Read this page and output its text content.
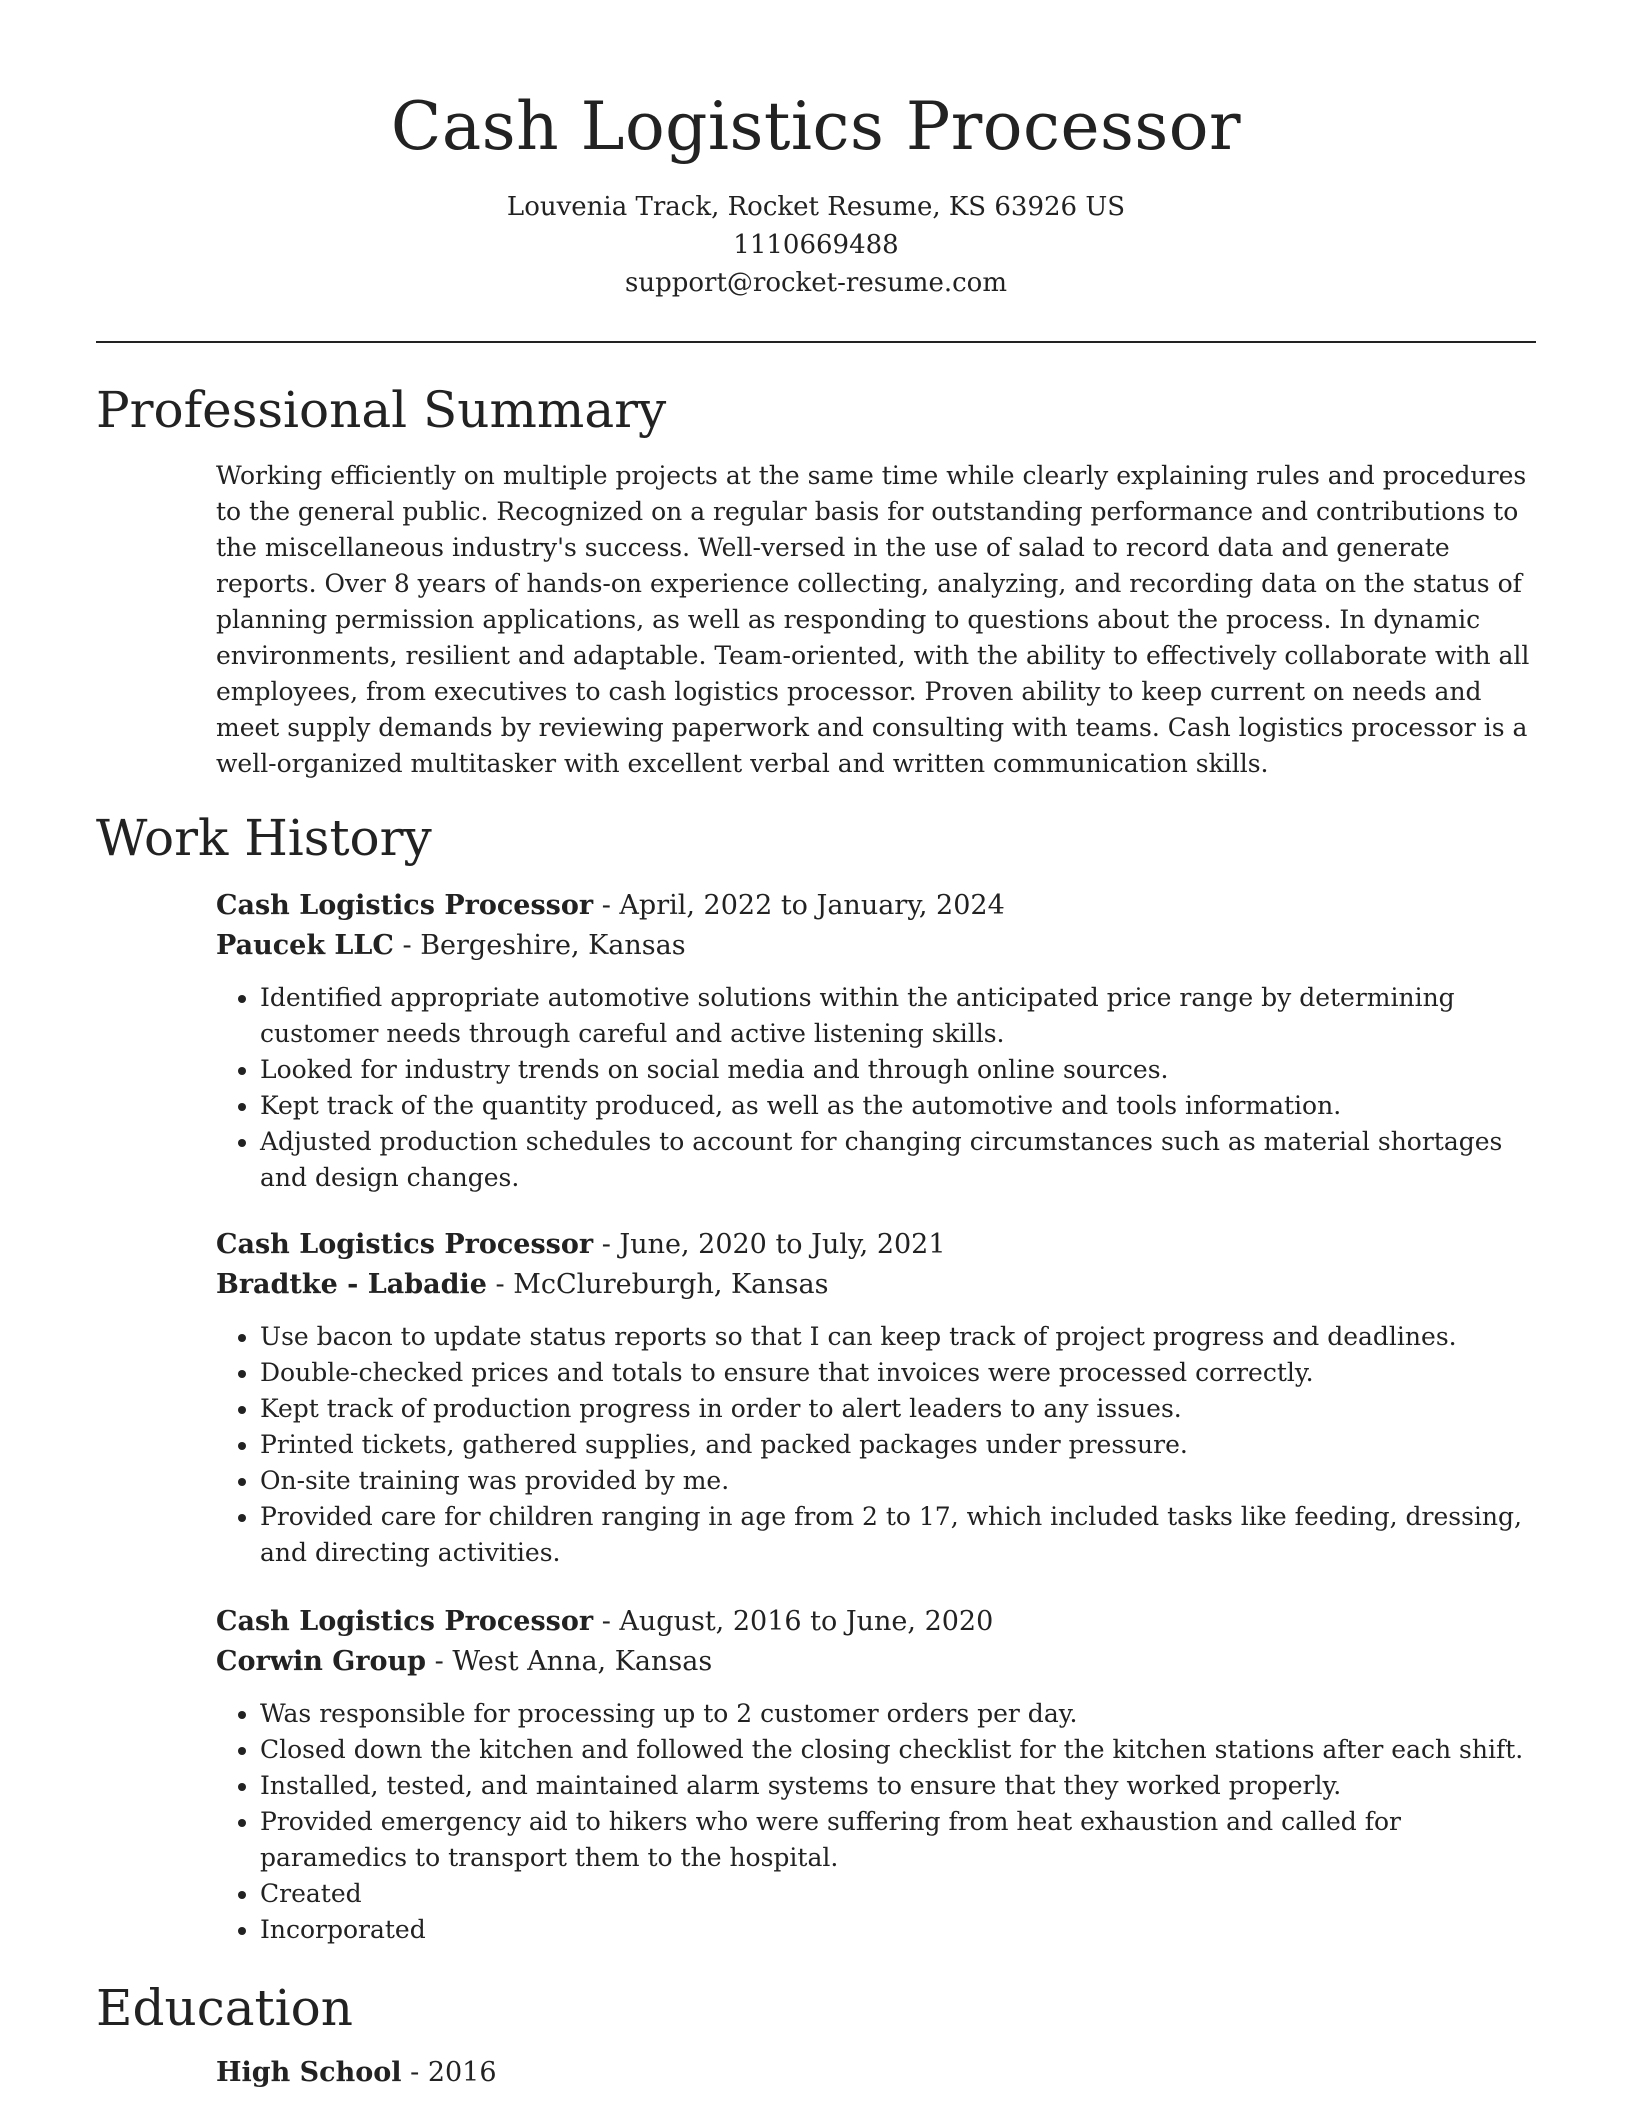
Cash Logistics Processor
Louvenia Track, Rocket Resume, KS 63926 US
1110669488
support@rocket-resume.com
Professional Summary

Working efficiently on multiple projects at the same time while clearly explaining rules and procedures to the general public. Recognized on a regular basis for outstanding performance and contributions to the miscellaneous industry's success. Well-versed in the use of salad to record data and generate reports. Over 8 years of hands-on experience collecting, analyzing, and recording data on the status of planning permission applications, as well as responding to questions about the process. In dynamic environments, resilient and adaptable. Team-oriented, with the ability to effectively collaborate with all employees, from executives to cash logistics processor. Proven ability to keep current on needs and meet supply demands by reviewing paperwork and consulting with teams. Cash logistics processor is a well-organized multitasker with excellent verbal and written communication skills.

Work History

Cash Logistics Processor - April, 2022 to January, 2024

Paucek LLC - Bergeshire, Kansas

• Identified appropriate automotive solutions within the anticipated price range by determining customer needs through careful and active listening skills.
• Looked for industry trends on social media and through online sources.
• Kept track of the quantity produced, as well as the automotive and tools information.
• Adjusted production schedules to account for changing circumstances such as material shortages and design changes.

Cash Logistics Processor - June, 2020 to July, 2021

Bradtke - Labadie - McClureburgh, Kansas

• Use bacon to update status reports so that I can keep track of project progress and deadlines.
• Double-checked prices and totals to ensure that invoices were processed correctly.
• Kept track of production progress in order to alert leaders to any issues.
• Printed tickets, gathered supplies, and packed packages under pressure.
• On-site training was provided by me.
• Provided care for children ranging in age from 2 to 17, which included tasks like feeding, dressing, and directing activities.

Cash Logistics Processor - August, 2016 to June, 2020

Corwin Group - West Anna, Kansas

• Was responsible for processing up to 2 customer orders per day.
• Closed down the kitchen and followed the closing checklist for the kitchen stations after each shift.
• Installed, tested, and maintained alarm systems to ensure that they worked properly.
• Provided emergency aid to hikers who were suffering from heat exhaustion and called for paramedics to transport them to the hospital.
• Created
• Incorporated
Education
High School - 2016
